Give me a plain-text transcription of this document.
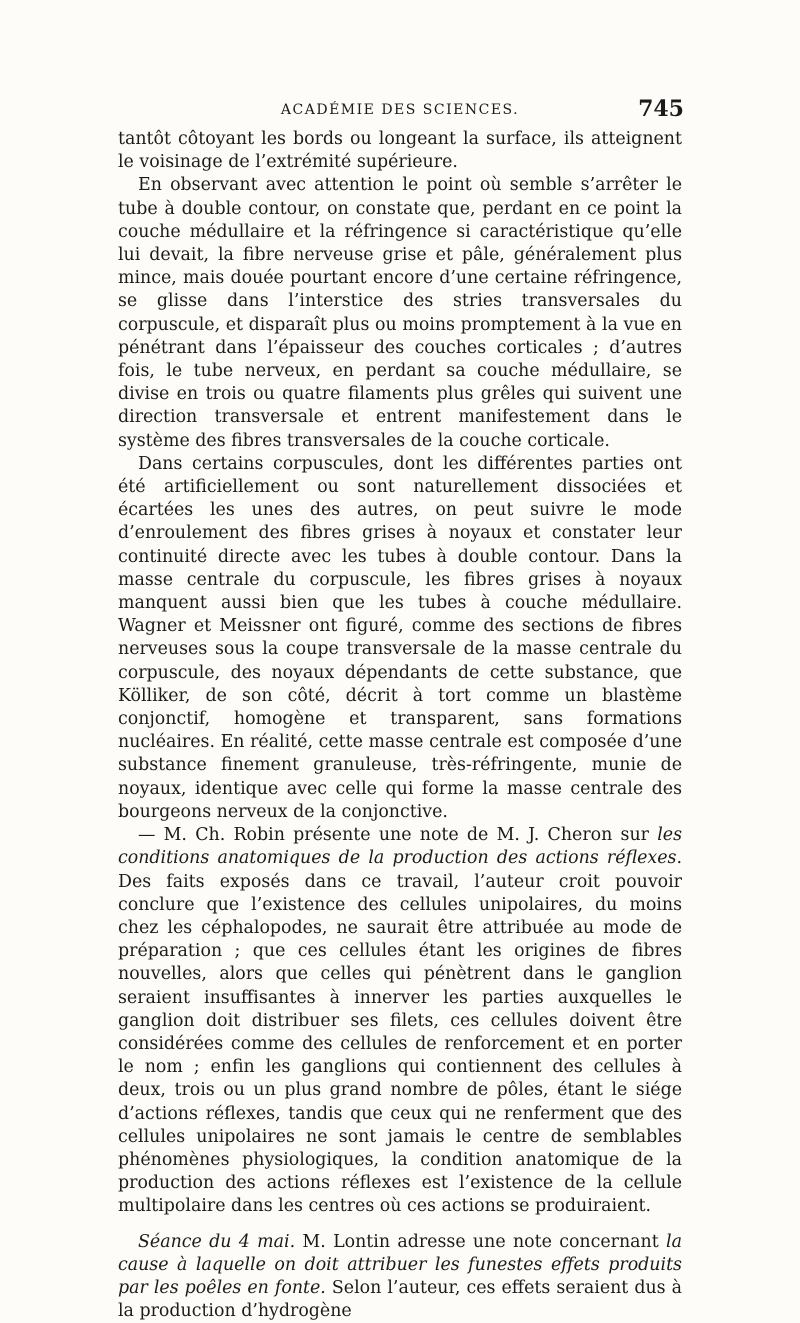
ACADÉMIE DES SCIENCES.	745

tantôt côtoyant les bords ou longeant la surface, ils atteignent le voisinage de l’extrémité supérieure.

En observant avec attention le point où semble s’arrêter le tube à double contour, on constate que, perdant en ce point la couche médullaire et la réfringence si caractéristique qu’elle lui devait, la fibre nerveuse grise et pâle, généralement plus mince, mais douée pourtant encore d’une certaine réfringence, se glisse dans l’interstice des stries transversales du corpuscule, et disparaît plus ou moins promptement à la vue en pénétrant dans l’épaisseur des couches corticales ; d’autres fois, le tube nerveux, en perdant sa couche médullaire, se divise en trois ou quatre filaments plus grêles qui suivent une direction transversale et entrent manifestement dans le système des fibres transversales de la couche corticale.

Dans certains corpuscules, dont les différentes parties ont été artificiellement ou sont naturellement dissociées et écartées les unes des autres, on peut suivre le mode d’enroulement des fibres grises à noyaux et constater leur continuité directe avec les tubes à double contour. Dans la masse centrale du corpuscule, les fibres grises à noyaux manquent aussi bien que les tubes à couche médullaire. Wagner et Meissner ont figuré, comme des sections de fibres nerveuses sous la coupe transversale de la masse centrale du corpuscule, des noyaux dépendants de cette substance, que Kölliker, de son côté, décrit à tort comme un blastème conjonctif, homogène et transparent, sans formations nucléaires. En réalité, cette masse centrale est composée d’une substance finement granuleuse, très-réfringente, munie de noyaux, identique avec celle qui forme la masse centrale des bourgeons nerveux de la conjonctive.

— M. Ch. Robin présente une note de M. J. Cheron sur les conditions anatomiques de la production des actions réflexes. Des faits exposés dans ce travail, l’auteur croit pouvoir conclure que l’existence des cellules unipolaires, du moins chez les céphalopodes, ne saurait être attribuée au mode de préparation ; que ces cellules étant les origines de fibres nouvelles, alors que celles qui pénètrent dans le ganglion seraient insuffisantes à innerver les parties auxquelles le ganglion doit distribuer ses filets, ces cellules doivent être considérées comme des cellules de renforcement et en porter le nom ; enfin les ganglions qui contiennent des cellules à deux, trois ou un plus grand nombre de pôles, étant le siége d’actions réflexes, tandis que ceux qui ne renferment que des cellules unipolaires ne sont jamais le centre de semblables phénomènes physiologiques, la condition anatomique de la production des actions réflexes est l’existence de la cellule multipolaire dans les centres où ces actions se produiraient.

Séance du 4 mai. M. Lontin adresse une note concernant la cause à laquelle on doit attribuer les funestes effets produits par les poêles en fonte. Selon l’auteur, ces effets seraient dus à la production d’hydrogène
